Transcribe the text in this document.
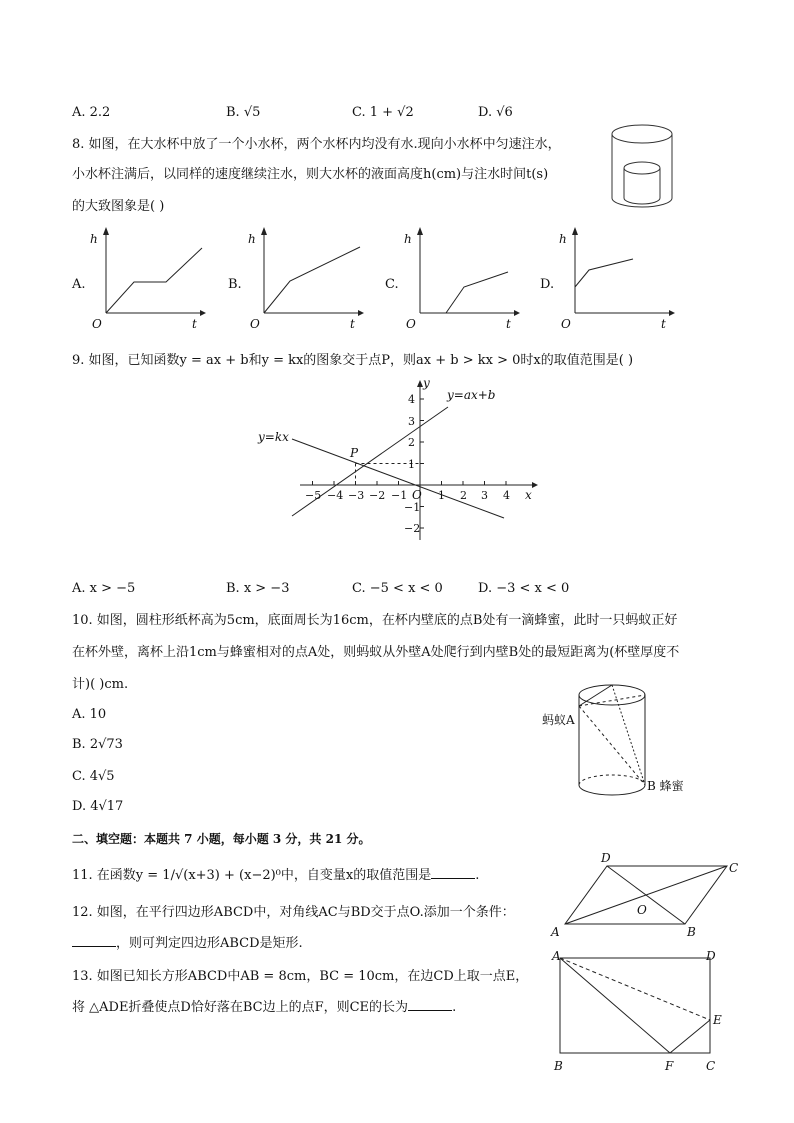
A. 2.2	B. √5	C. 1 + √2	D. √6
8. 如图，在大水杯中放了一个小水杯，两个水杯内均没有水.现向小水杯中匀速注水，
小水杯注满后，以同样的速度继续注水，则大水杯的液面高度h(cm)与注水时间t(s)
的大致图象是( )
A.	B.	C.	D.
h
t
O
h
t
O
h
t
O
h
t
O
9. 如图，已知函数y = ax + b和y = kx的图象交于点P，则ax + b > kx > 0时x的取值范围是( )
y=ax+b
y=kx
P
x
y
O
−5 −4 −3 −2 −1	1 2 3 4
4
3
2
1
−1
−2
A. x > −5	B. x > −3	C. −5 < x < 0	D. −3 < x < 0
10. 如图，圆柱形纸杯高为5cm，底面周长为16cm，在杯内壁底的点B处有一滴蜂蜜，此时一只蚂蚁正好
在杯外壁，离杯上沿1cm与蜂蜜相对的点A处，则蚂蚁从外壁A处爬行到内壁B处的最短距离为(杯壁厚度不
计)( )cm.
A. 10
B. 2√73
C. 4√5
D. 4√17
蚂蚁A
B 蜂蜜
二、填空题：本题共 7 小题，每小题 3 分，共 21 分。
11. 在函数y = 1/√(x+3) + (x−2)⁰中，自变量x的取值范围是	.
12. 如图，在平行四边形ABCD中，对角线AC与BD交于点O.添加一个条件：
，则可判定四边形ABCD是矩形.
13. 如图已知长方形ABCD中AB = 8cm，BC = 10cm，在边CD上取一点E，
将 △ADE折叠使点D恰好落在BC边上的点F，则CE的长为	.
A	B
C
D
O
A	D
B	C
E
F
